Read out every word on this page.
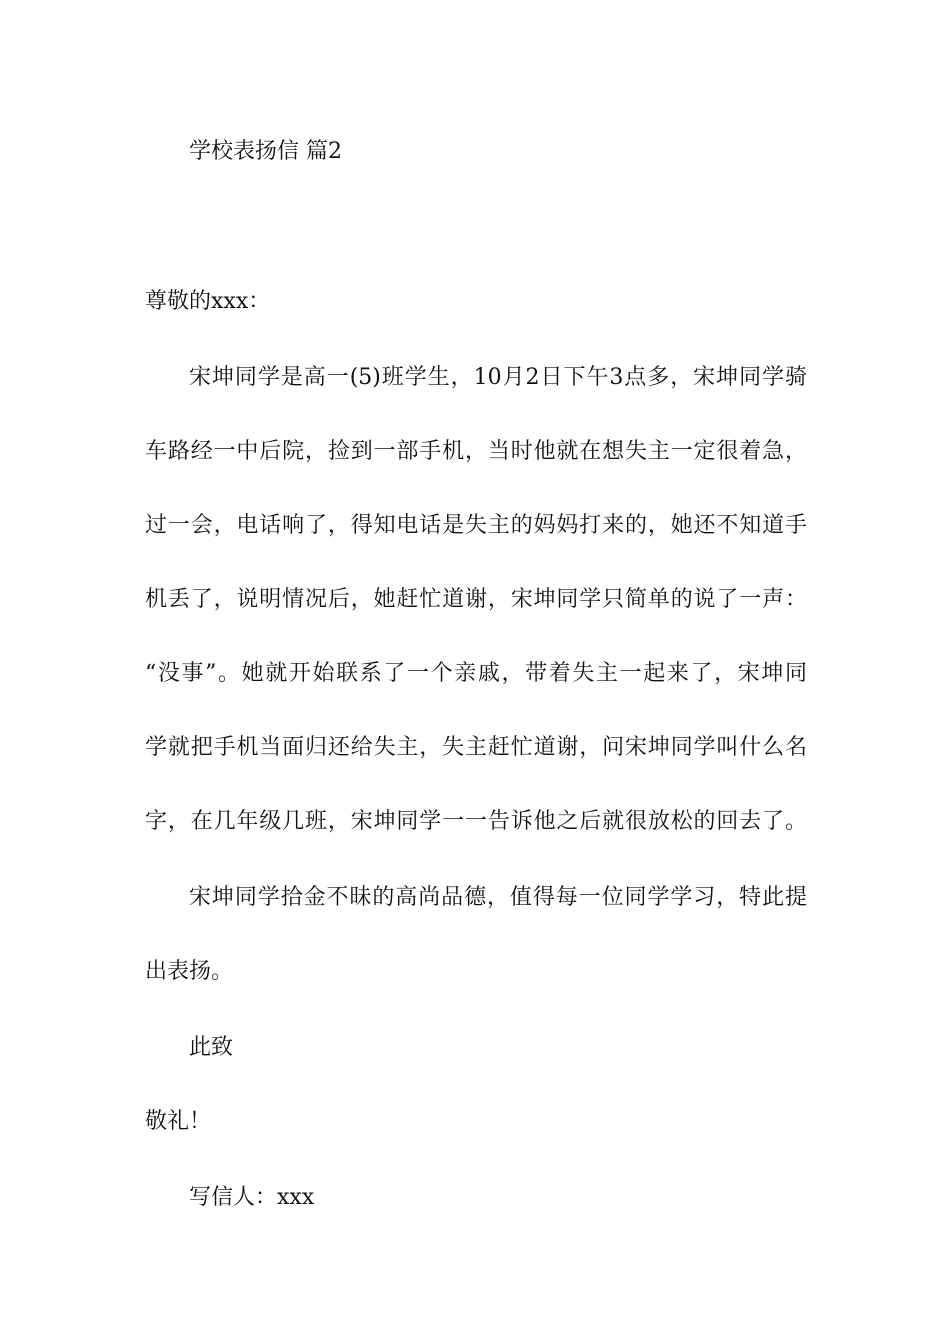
学校表扬信 篇2
尊敬的xxx：
宋坤同学是高一(5)班学生，10月2日下午3点多，宋坤同学骑
车路经一中后院，捡到一部手机，当时他就在想失主一定很着急，
过一会，电话响了，得知电话是失主的妈妈打来的，她还不知道手
机丢了，说明情况后，她赶忙道谢，宋坤同学只简单的说了一声：
“没事”。她就开始联系了一个亲戚，带着失主一起来了，宋坤同
学就把手机当面归还给失主，失主赶忙道谢，问宋坤同学叫什么名
字，在几年级几班，宋坤同学一一告诉他之后就很放松的回去了。
宋坤同学拾金不昧的高尚品德，值得每一位同学学习，特此提
出表扬。
此致
敬礼！
写信人：xxx
